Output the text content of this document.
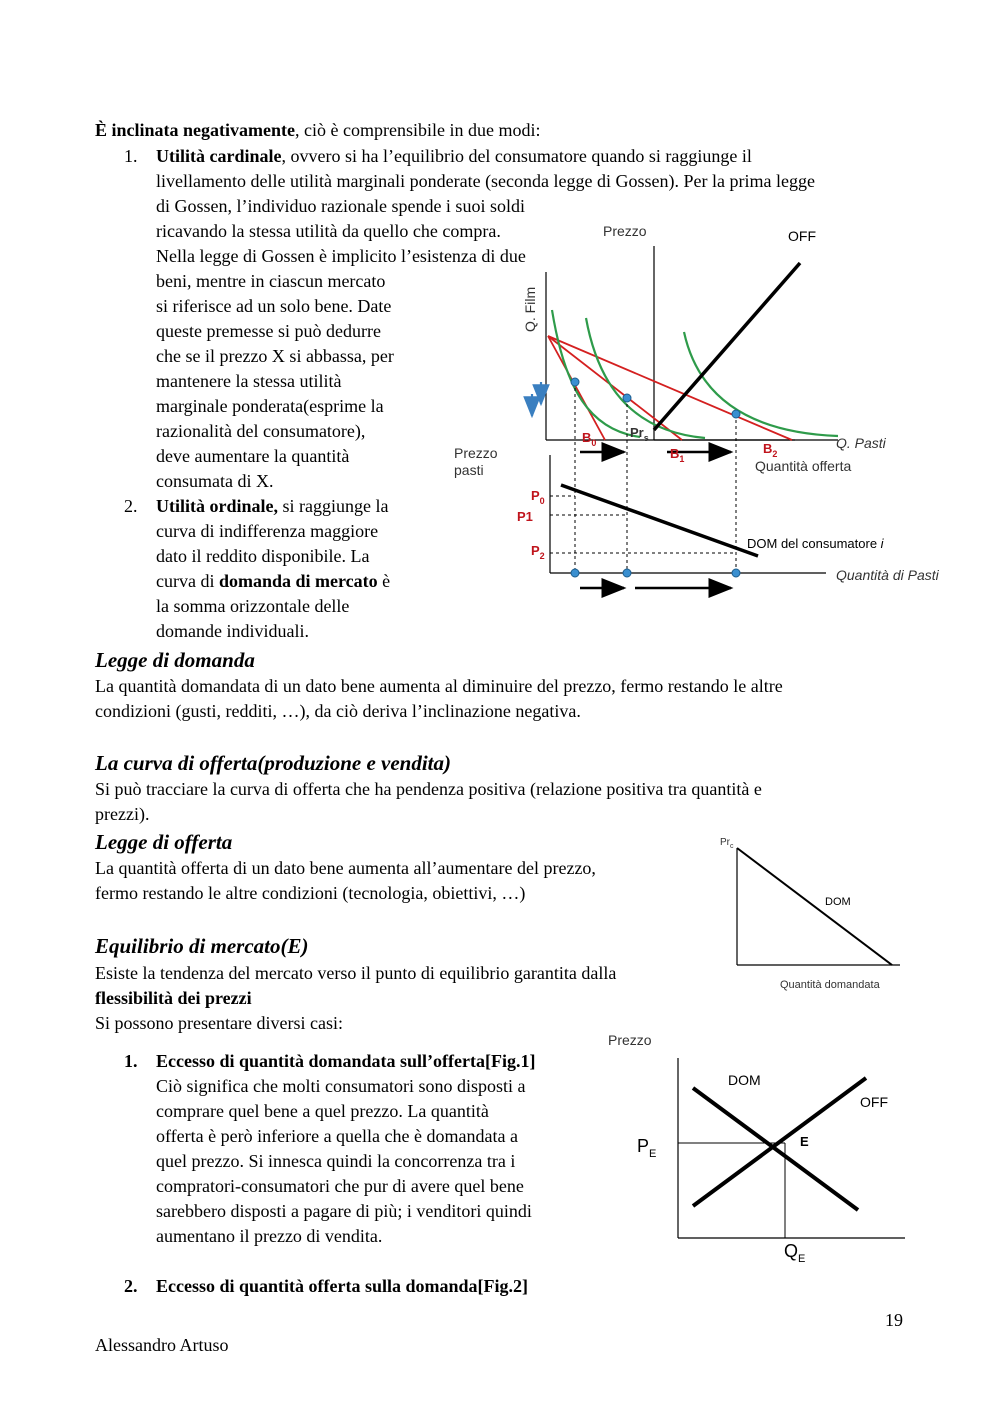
È inclinata negativamente, ciò è comprensibile in due modi:
1. Utilità cardinale, ovvero si ha l’equilibrio del consumatore quando si raggiunge il
livellamento delle utilità marginali ponderate (seconda legge di Gossen). Per la prima legge
di Gossen, l’individuo razionale spende i suoi soldi
ricavando la stessa utilità da quello che compra.
Nella legge di Gossen è implicito l’esistenza di due
beni, mentre in ciascun mercato
si riferisce ad un solo bene. Date
queste premesse si può dedurre
che se il prezzo X si abbassa, per
mantenere la stessa utilità
marginale ponderata(esprime la
razionalità del consumatore),
deve aumentare la quantità
consumata di X.
2. Utilità ordinale, si raggiunge la
curva di indifferenza maggiore
dato il reddito disponibile. La
curva di domanda di mercato è
la somma orizzontale delle
domande individuali.
Prezzo	OFF
Q. Film
Q. Pasti
Quantità offerta
$B_0$
$B_1$
$B_2$
$Pr_s$
Prezzo
pasti
$P_0$
P1
$P_2$
DOM del consumatore i
Quantità di Pasti
Legge di domanda
La quantità domandata di un dato bene aumenta al diminuire del prezzo, fermo restando le altre
condizioni (gusti, redditi, …), da ciò deriva l’inclinazione negativa.
La curva di offerta(produzione e vendita)
Si può tracciare la curva di offerta che ha pendenza positiva (relazione positiva tra quantità e
prezzi).
Legge di offerta
La quantità offerta di un dato bene aumenta all’aumentare del prezzo,
fermo restando le altre condizioni (tecnologia, obiettivi, …)
$Pr_c$
DOM
Quantità domandata
Equilibrio di mercato(E)
Esiste la tendenza del mercato verso il punto di equilibrio garantita dalla
flessibilità dei prezzi
Si possono presentare diversi casi:
1. Eccesso di quantità domandata sull’offerta[Fig.1]
Ciò significa che molti consumatori sono disposti a
comprare quel bene a quel prezzo. La quantità
offerta è però inferiore a quella che è domandata a
quel prezzo. Si innesca quindi la concorrenza tra i
compratori-consumatori che pur di avere quel bene
sarebbero disposti a pagare di più; i venditori quindi
aumentano il prezzo di vendita.
2. Eccesso di quantità offerta sulla domanda[Fig.2]
Prezzo
DOM
OFF
$P_E$
E
$Q_E$
19
Alessandro Artuso
